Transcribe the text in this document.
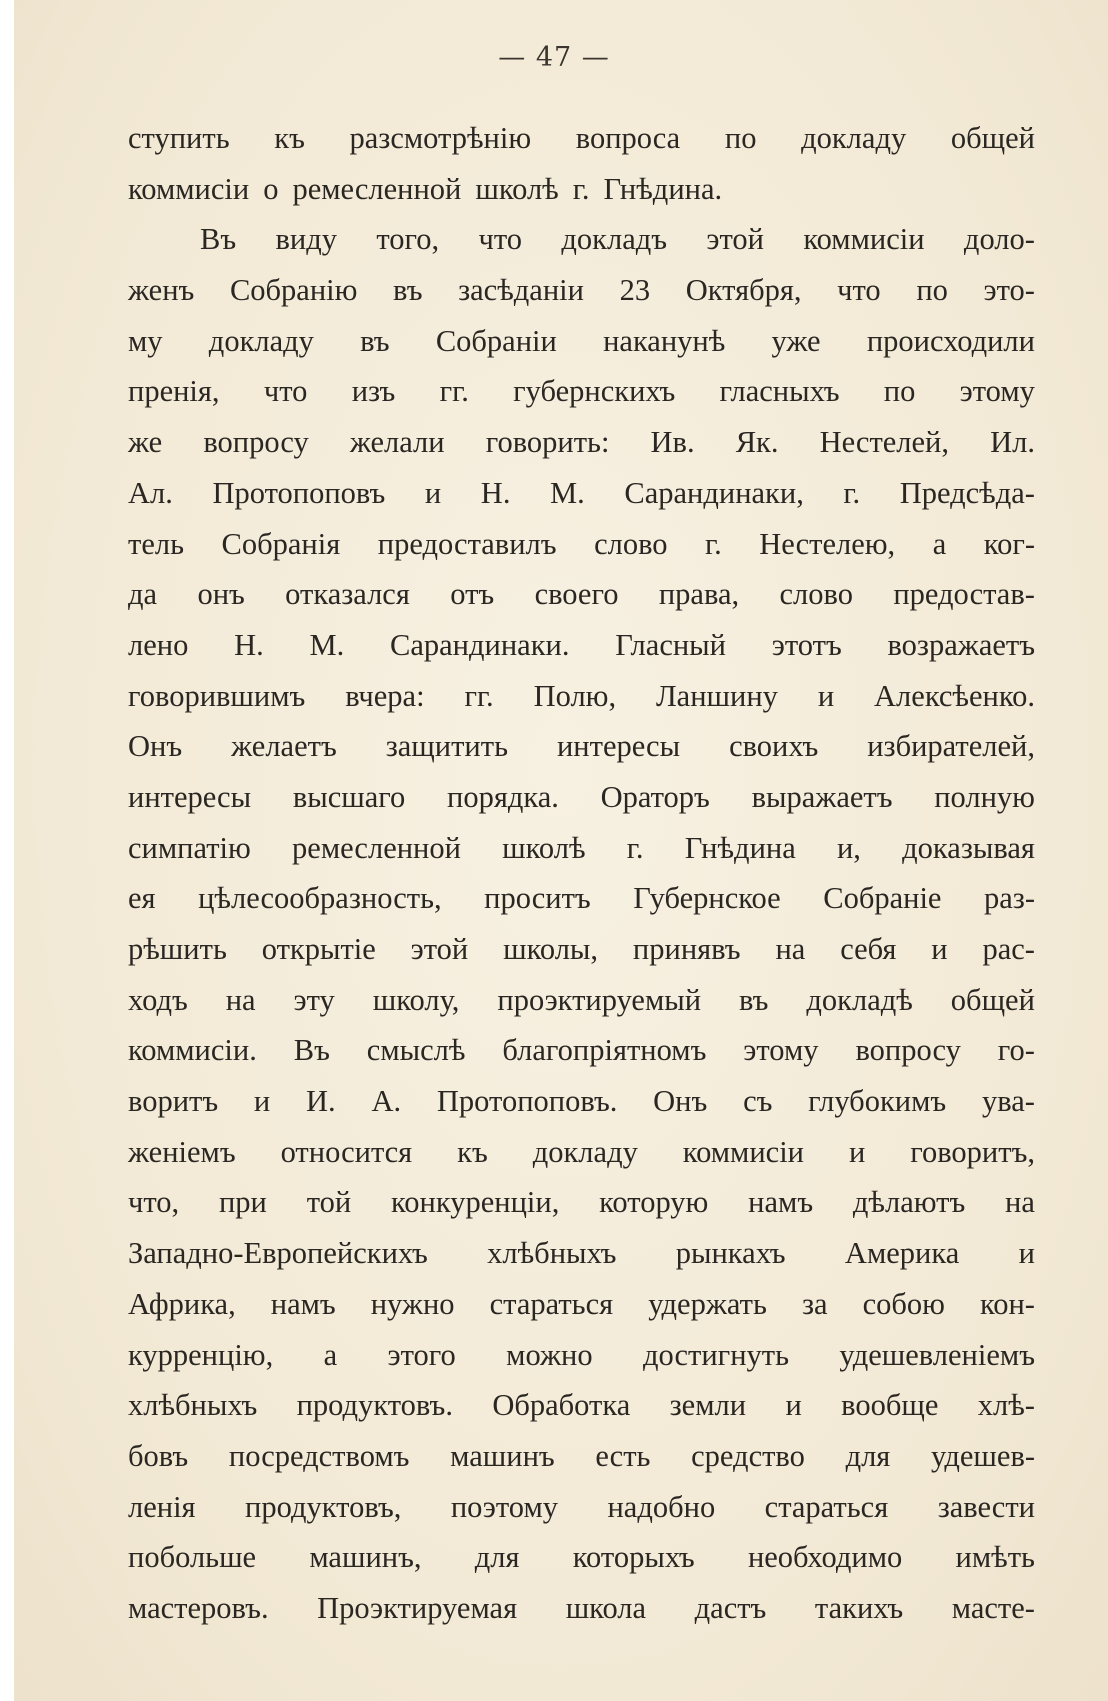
— 47 —
ступить къ разсмотрѣнію вопроса по докладу общей
коммисіи о ремесленной школѣ г. Гнѣдина.
Въ виду того, что докладъ этой коммисіи доло-
женъ Собранію въ засѣданіи 23 Октября, что по это-
му докладу въ Собраніи наканунѣ уже происходили
пренія, что изъ гг. губернскихъ гласныхъ по этому
же вопросу желали говорить: Ив. Як. Нестелей, Ил.
Ал. Протопоповъ и Н. М. Сарандинаки, г. Предсѣда-
тель Собранія предоставилъ слово г. Нестелею, а ког-
да онъ отказался отъ своего права, слово предостав-
лено Н. М. Сарандинаки. Гласный этотъ возражаетъ
говорившимъ вчера: гг. Полю, Ланшину и Алексѣенко.
Онъ желаетъ защитить интересы своихъ избирателей,
интересы высшаго порядка. Ораторъ выражаетъ полную
симпатію ремесленной школѣ г. Гнѣдина и, доказывая
ея цѣлесообразность, проситъ Губернское Собраніе раз-
рѣшить открытіе этой школы, принявъ на себя и рас-
ходъ на эту школу, проэктируемый въ докладѣ общей
коммисіи. Въ смыслѣ благопріятномъ этому вопросу го-
воритъ и И. А. Протопоповъ. Онъ съ глубокимъ ува-
женіемъ относится къ докладу коммисіи и говоритъ,
что, при той конкуренціи, которую намъ дѣлаютъ на
Западно-Европейскихъ хлѣбныхъ рынкахъ Америка и
Африка, намъ нужно стараться удержать за собою кон-
курренцію, а этого можно достигнуть удешевленіемъ
хлѣбныхъ продуктовъ. Обработка земли и вообще хлѣ-
бовъ посредствомъ машинъ есть средство для удешев-
ленія продуктовъ, поэтому надобно стараться завести
побольше машинъ, для которыхъ необходимо имѣть
мастеровъ. Проэктируемая школа дастъ такихъ масте-
